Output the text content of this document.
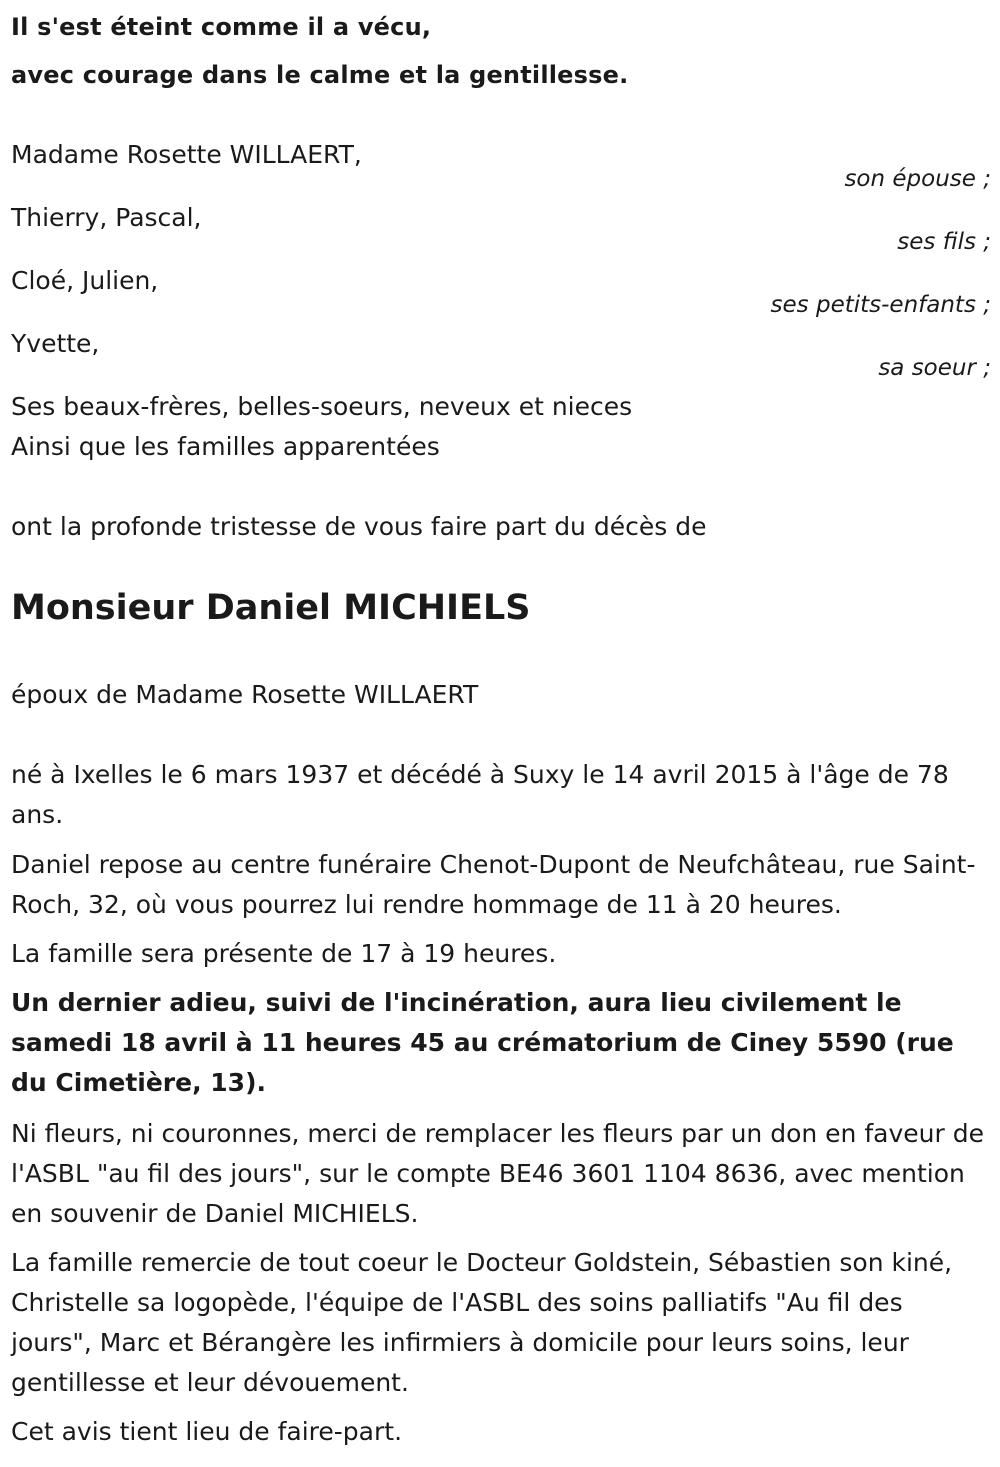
Il s'est éteint comme il a vécu,

avec courage dans le calme et la gentillesse.

Madame Rosette WILLAERT,
son épouse ;
Thierry, Pascal,
ses fils ;
Cloé, Julien,
ses petits-enfants ;
Yvette,
sa soeur ;
Ses beaux-frères, belles-soeurs, neveux et nieces
Ainsi que les familles apparentées
ont la profonde tristesse de vous faire part du décès de
Monsieur Daniel MICHIELS
époux de Madame Rosette WILLAERT

né à Ixelles le 6 mars 1937 et décédé à Suxy le 14 avril 2015 à l'âge de 78 ans.

Daniel repose au centre funéraire Chenot-Dupont de Neufchâteau, rue Saint-Roch, 32, où vous pourrez lui rendre hommage de 11 à 20 heures.

La famille sera présente de 17 à 19 heures.

Un dernier adieu, suivi de l'incinération, aura lieu civilement le samedi 18 avril à 11 heures 45 au crématorium de Ciney 5590 (rue du Cimetière, 13).

Ni fleurs, ni couronnes, merci de remplacer les fleurs par un don en faveur de l'ASBL "au fil des jours", sur le compte BE46 3601 1104 8636, avec mention en souvenir de Daniel MICHIELS.

La famille remercie de tout coeur le Docteur Goldstein, Sébastien son kiné, Christelle sa logopède, l'équipe de l'ASBL des soins palliatifs "Au fil des jours", Marc et Bérangère les infirmiers à domicile pour leurs soins, leur gentillesse et leur dévouement.

Cet avis tient lieu de faire-part.
